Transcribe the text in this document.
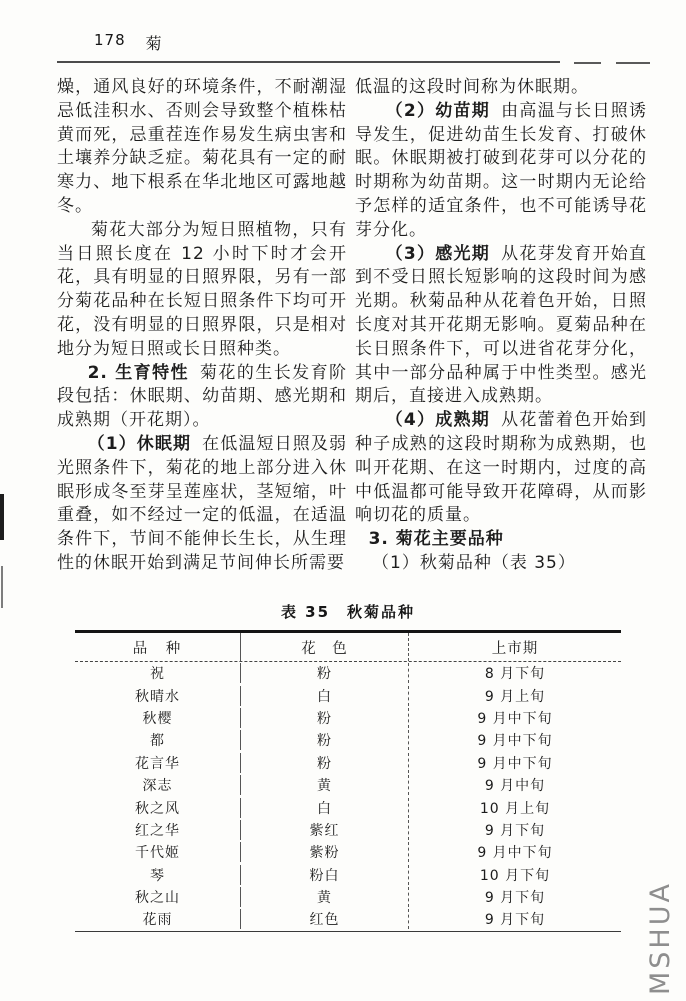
178 菊

燥，通风良好的环境条件，不耐潮湿忌低洼积水、否则会导致整个植株枯黄而死，忌重茬连作易发生病虫害和土壤养分缺乏症。菊花具有一定的耐寒力、地下根系在华北地区可露地越冬。

菊花大部分为短日照植物，只有当日照长度在 12 小时下时才会开花，具有明显的日照界限，另有一部分菊花品种在长短日照条件下均可开花，没有明显的日照界限，只是相对地分为短日照或长日照种类。

2. 生育特性 菊花的生长发育阶段包括：休眠期、幼苗期、感光期和成熟期（开花期）。

（1）休眠期 在低温短日照及弱光照条件下，菊花的地上部分进入休眠形成冬至芽呈莲座状，茎短缩，叶重叠，如不经过一定的低温，在适温条件下，节间不能伸长生长，从生理性的休眠开始到满足节间伸长所需要

低温的这段时间称为休眠期。

（2）幼苗期 由高温与长日照诱导发生，促进幼苗生长发育、打破休眠。休眠期被打破到花芽可以分花的时期称为幼苗期。这一时期内无论给予怎样的适宜条件，也不可能诱导花芽分化。

（3）感光期 从花芽发育开始直到不受日照长短影响的这段时间为感光期。秋菊品种从花着色开始，日照长度对其开花期无影响。夏菊品种在长日照条件下，可以进省花芽分化，其中一部分品种属于中性类型。感光期后，直接进入成熟期。

（4）成熟期 从花蕾着色开始到种子成熟的这段时期称为成熟期，也叫开花期、在这一时期内，过度的高中低温都可能导致开花障碍，从而影响切花的质量。

3. 菊花主要品种

（1）秋菊品种（表 35）

表 35　秋菊品种
品　种	花　色	上市期
祝	粉	8 月下旬
秋晴水	白	9 月上旬
秋樱	粉	9 月中下旬
都	粉	9 月中下旬
花言华	粉	9 月中下旬
深志	黄	9 月中旬
秋之风	白	10 月上旬
红之华	紫红	9 月下旬
千代姬	紫粉	9 月中下旬
琴	粉白	10 月下旬
秋之山	黄	9 月下旬
花雨	红色	9 月下旬	MSHUA
